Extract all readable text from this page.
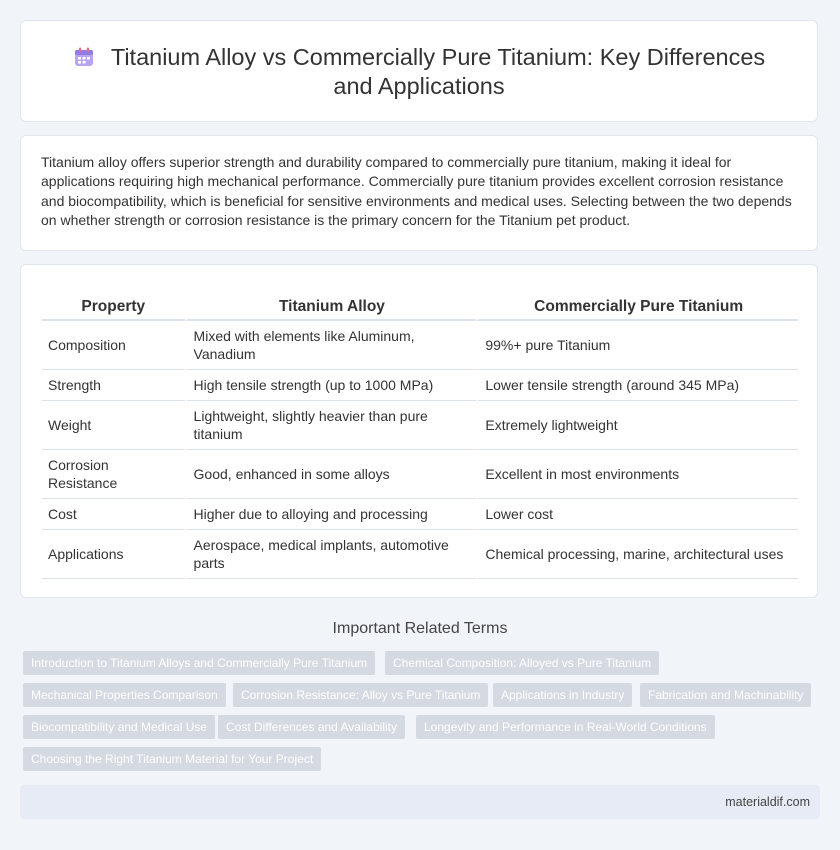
Titanium Alloy vs Commercially Pure Titanium: Key Differences
and Applications

Titanium alloy offers superior strength and durability compared to commercially pure titanium, making it ideal for applications requiring high mechanical performance. Commercially pure titanium provides excellent corrosion resistance and biocompatibility, which is beneficial for sensitive environments and medical uses. Selecting between the two depends on whether strength or corrosion resistance is the primary concern for the Titanium pet product.

Property	Titanium Alloy	Commercially Pure Titanium
Composition	Mixed with elements like Aluminum, Vanadium	99%+ pure Titanium
Strength	High tensile strength (up to 1000 MPa)	Lower tensile strength (around 345 MPa)
Weight	Lightweight, slightly heavier than pure titanium	Extremely lightweight
Corrosion Resistance	Good, enhanced in some alloys	Excellent in most environments
Cost	Higher due to alloying and processing	Lower cost
Applications	Aerospace, medical implants, automotive parts	Chemical processing, marine, architectural uses
Important Related Terms
Introduction to Titanium Alloys and Commercially Pure Titanium	Chemical Composition: Alloyed vs Pure Titanium
Mechanical Properties Comparison	Corrosion Resistance: Alloy vs Pure Titanium	Applications in Industry	Fabrication and Machinability
Biocompatibility and Medical Use	Cost Differences and Availability	Longevity and Performance in Real-World Conditions
Choosing the Right Titanium Material for Your Project
materialdif.com
